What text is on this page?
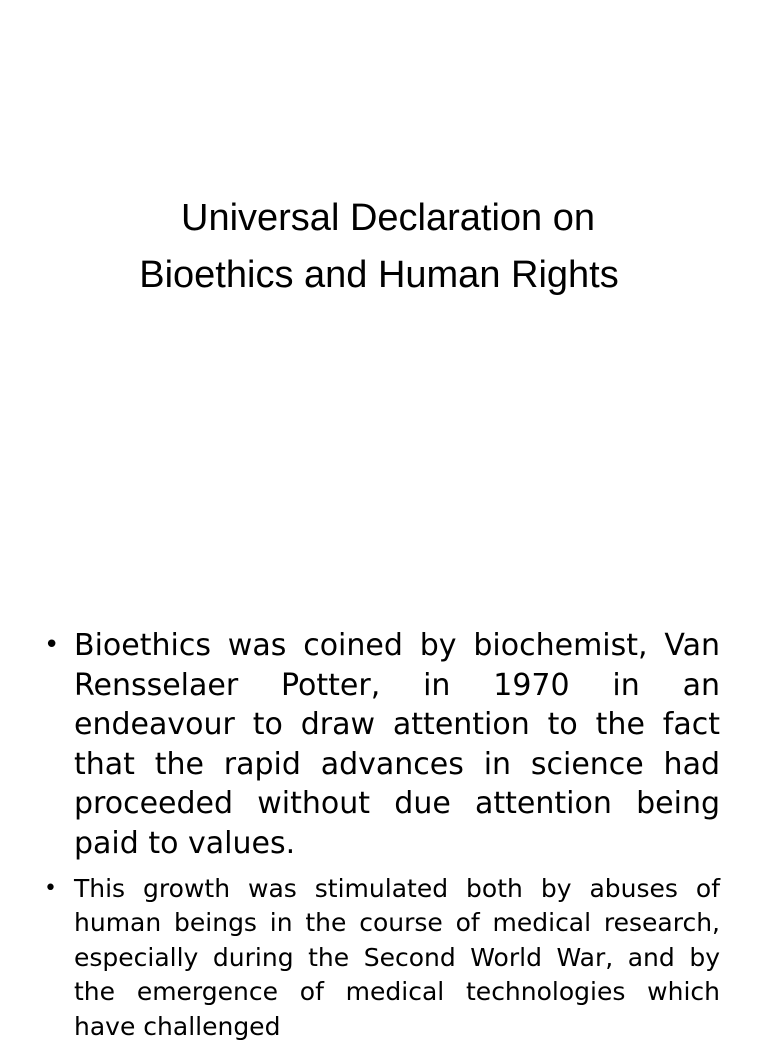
Universal Declaration on
Bioethics and Human Rights
• Bioethics was coined by biochemist, Van Rensselaer Potter, in 1970 in an endeavour to draw attention to the fact that the rapid advances in science had proceeded without due attention being paid to values.
• This growth was stimulated both by abuses of human beings in the course of medical research, especially during the Second World War, and by the emergence of medical technologies which have challenged
